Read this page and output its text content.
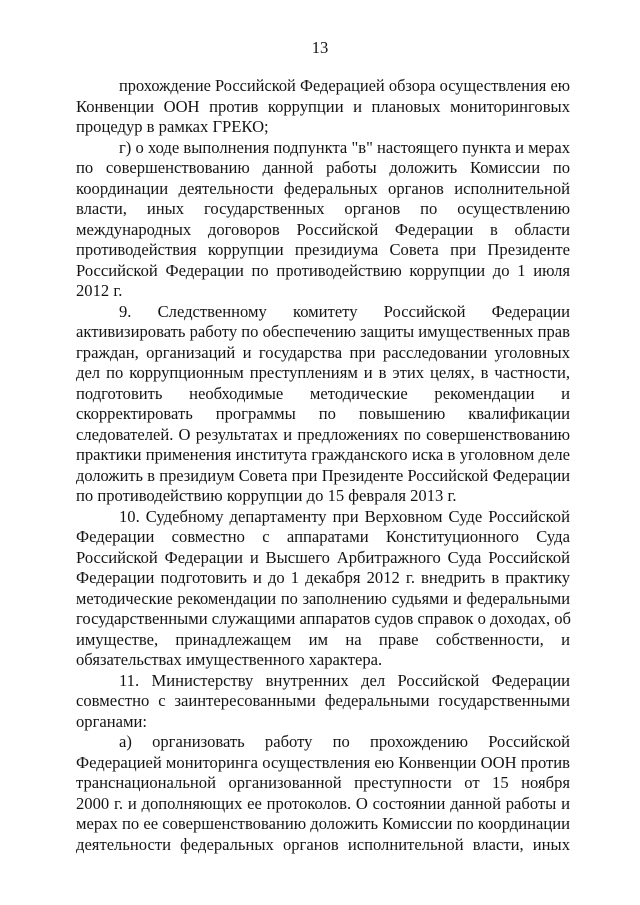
13
прохождение Российской Федерацией обзора осуществления ею
Конвенции ООН против коррупции и плановых мониторинговых
процедур в рамках ГРЕКО;
г) о ходе выполнения подпункта "в" настоящего пункта и мерах
по совершенствованию данной работы доложить Комиссии по
координации деятельности федеральных органов исполнительной
власти, иных государственных органов по осуществлению
международных договоров Российской Федерации в области
противодействия коррупции президиума Совета при Президенте
Российской Федерации по противодействию коррупции до 1 июля
2012 г.
9. Следственному комитету Российской Федерации
активизировать работу по обеспечению защиты имущественных прав
граждан, организаций и государства при расследовании уголовных
дел по коррупционным преступлениям и в этих целях, в частности,
подготовить необходимые методические рекомендации и
скорректировать программы по повышению квалификации
следователей. О результатах и предложениях по совершенствованию
практики применения института гражданского иска в уголовном деле
доложить в президиум Совета при Президенте Российской Федерации
по противодействию коррупции до 15 февраля 2013 г.
10. Судебному департаменту при Верховном Суде Российской
Федерации совместно с аппаратами Конституционного Суда
Российской Федерации и Высшего Арбитражного Суда Российской
Федерации подготовить и до 1 декабря 2012 г. внедрить в практику
методические рекомендации по заполнению судьями и федеральными
государственными служащими аппаратов судов справок о доходах, об
имуществе, принадлежащем им на праве собственности, и
обязательствах имущественного характера.
11. Министерству внутренних дел Российской Федерации
совместно с заинтересованными федеральными государственными
органами:
а) организовать работу по прохождению Российской
Федерацией мониторинга осуществления ею Конвенции ООН против
транснациональной организованной преступности от 15 ноября
2000 г. и дополняющих ее протоколов. О состоянии данной работы и
мерах по ее совершенствованию доложить Комиссии по координации
деятельности федеральных органов исполнительной власти, иных
